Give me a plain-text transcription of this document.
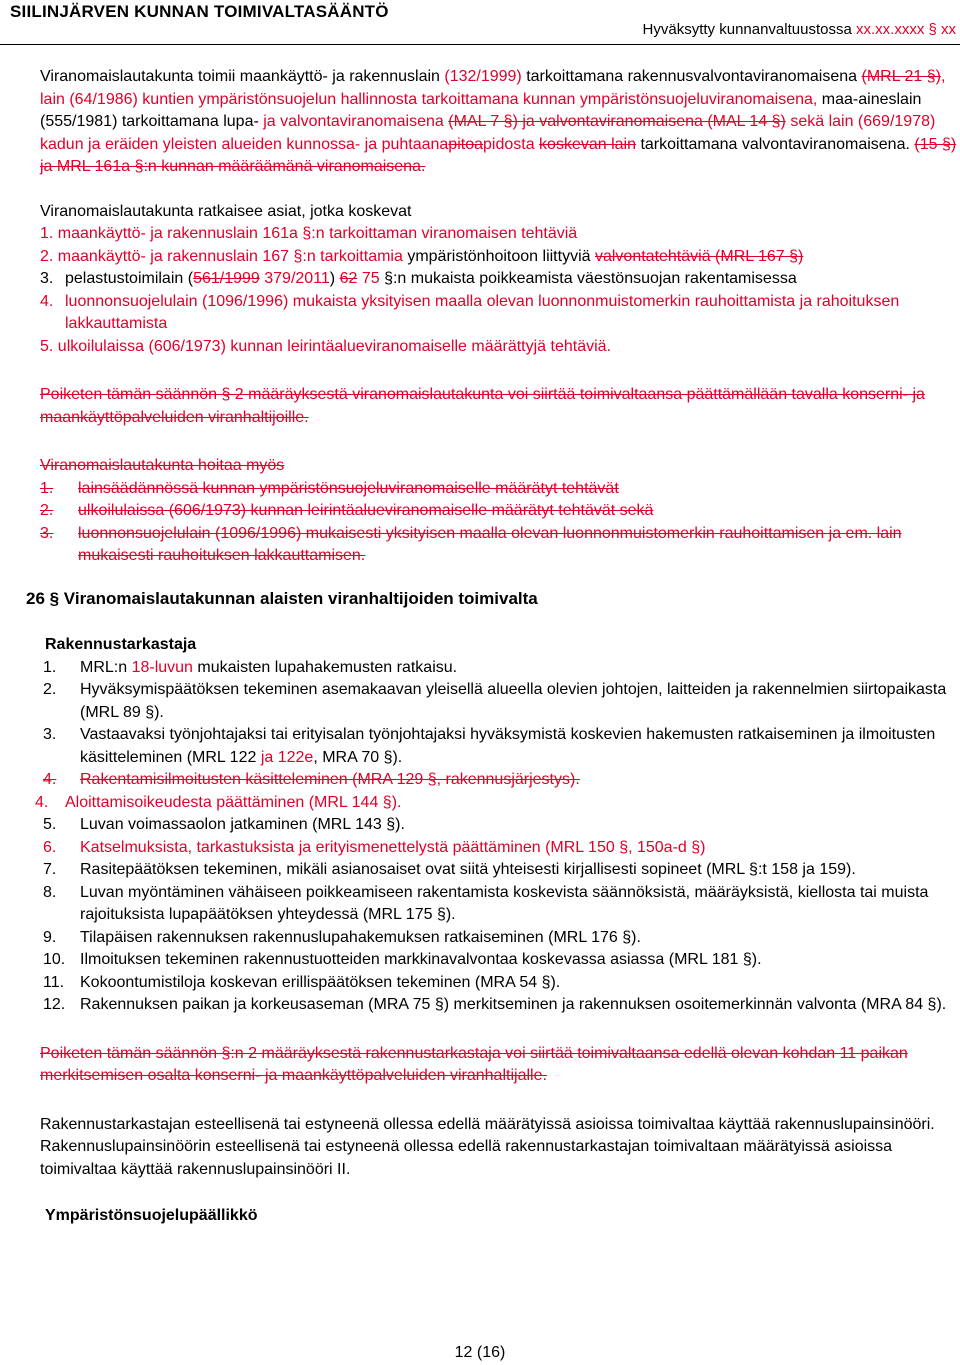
SIILINJÄRVEN KUNNAN TOIMIVALTASÄÄNTÖ
Hyväksytty kunnanvaltuustossa xx.xx.xxxx § xx

Viranomaislautakunta toimii maankäyttö- ja rakennuslain (132/1999) tarkoittamana rakennusvalvontaviranomaisena (MRL 21 §), lain (64/1986) kuntien ympäristönsuojelun hallinnosta tarkoittamana kunnan ympäristönsuojeluviranomaisena, maa-aineslain (555/1981) tarkoittamana lupa- ja valvontaviranomaisena (MAL 7 §) ja valvontaviranomaisena (MAL 14 §) sekä lain (669/1978) kadun ja eräiden yleisten alueiden kunnossa- ja puhtaanapitoapidosta koskevan lain tarkoittamana valvontaviranomaisena. (15 §) ja MRL 161a §:n kunnan määräämänä viranomaisena.

Viranomaislautakunta ratkaisee asiat, jotka koskevat

1. maankäyttö- ja rakennuslain 161a §:n tarkoittaman viranomaisen tehtäviä

2. maankäyttö- ja rakennuslain 167 §:n tarkoittamia ympäristönhoitoon liittyviä valvontatehtäviä (MRL 167 §)

3. pelastustoimilain (561/1999 379/2011) 62 75 §:n mukaista poikkeamista väestönsuojan rakentamisessa
4. luonnonsuojelulain (1096/1996) mukaista yksityisen maalla olevan luonnonmuistomerkin rauhoittamista ja rahoituksen lakkauttamista

5. ulkoilulaissa (606/1973) kunnan leirintäalueviranomaiselle määrättyjä tehtäviä.

Poiketen tämän säännön § 2 määräyksestä viranomaislautakunta voi siirtää toimivaltaansa päättämällään tavalla konserni- ja maankäyttöpalveluiden viranhaltijoille.

Viranomaislautakunta hoitaa myös

1.	lainsäädännössä kunnan ympäristönsuojeluviranomaiselle määrätyt tehtävät
2.	ulkoilulaissa (606/1973) kunnan leirintäalueviranomaiselle määrätyt tehtävät sekä
3.	luonnonsuojelulain (1096/1996) mukaisesti yksityisen maalla olevan luonnonmuistomerkin rauhoittamisen ja em. lain mukaisesti rauhoituksen lakkauttamisen.

26 § Viranomaislautakunnan alaisten viranhaltijoiden toimivalta

Rakennustarkastaja

1.	MRL:n 18-luvun mukaisten lupahakemusten ratkaisu.
2.	Hyväksymispäätöksen tekeminen asemakaavan yleisellä alueella olevien johtojen, laitteiden ja rakennelmien siirtopaikasta (MRL 89 §).
3.	Vastaavaksi työnjohtajaksi tai erityisalan työnjohtajaksi hyväksymistä koskevien hakemusten ratkaiseminen ja ilmoitusten käsitteleminen (MRL 122 ja 122e, MRA 70 §).
4.	Rakentamisilmoitusten käsitteleminen (MRA 129 §, rakennusjärjestys).
4.	Aloittamisoikeudesta päättäminen (MRL 144 §).
5.	Luvan voimassaolon jatkaminen (MRL 143 §).
6.	Katselmuksista, tarkastuksista ja erityismenettelystä päättäminen (MRL 150 §, 150a-d §)
7.	Rasitepäätöksen tekeminen, mikäli asianosaiset ovat siitä yhteisesti kirjallisesti sopineet (MRL §:t 158 ja 159).
8.	Luvan myöntäminen vähäiseen poikkeamiseen rakentamista koskevista säännöksistä, määräyksistä, kiellosta tai muista rajoituksista lupapäätöksen yhteydessä (MRL 175 §).
9.	Tilapäisen rakennuksen rakennuslupahakemuksen ratkaiseminen (MRL 176 §).
10. Ilmoituksen tekeminen rakennustuotteiden markkinavalvontaa koskevassa asiassa (MRL 181 §).
11. Kokoontumistiloja koskevan erillispäätöksen tekeminen (MRA 54 §).
12. Rakennuksen paikan ja korkeusaseman (MRA 75 §) merkitseminen ja rakennuksen osoitemerkinnän valvonta (MRA 84 §).

Poiketen tämän säännön §:n 2 määräyksestä rakennustarkastaja voi siirtää toimivaltaansa edellä olevan kohdan 11 paikan merkitsemisen osalta konserni- ja maankäyttöpalveluiden viranhaltijalle.

Rakennustarkastajan esteellisenä tai estyneenä ollessa edellä määrätyissä asioissa toimivaltaa käyttää rakennuslupainsinööri. Rakennuslupainsinöörin esteellisenä tai estyneenä ollessa edellä rakennustarkastajan toimivaltaan määrätyissä asioissa toimivaltaa käyttää rakennuslupainsinööri II.

Ympäristönsuojelupäällikkö

12 (16)
